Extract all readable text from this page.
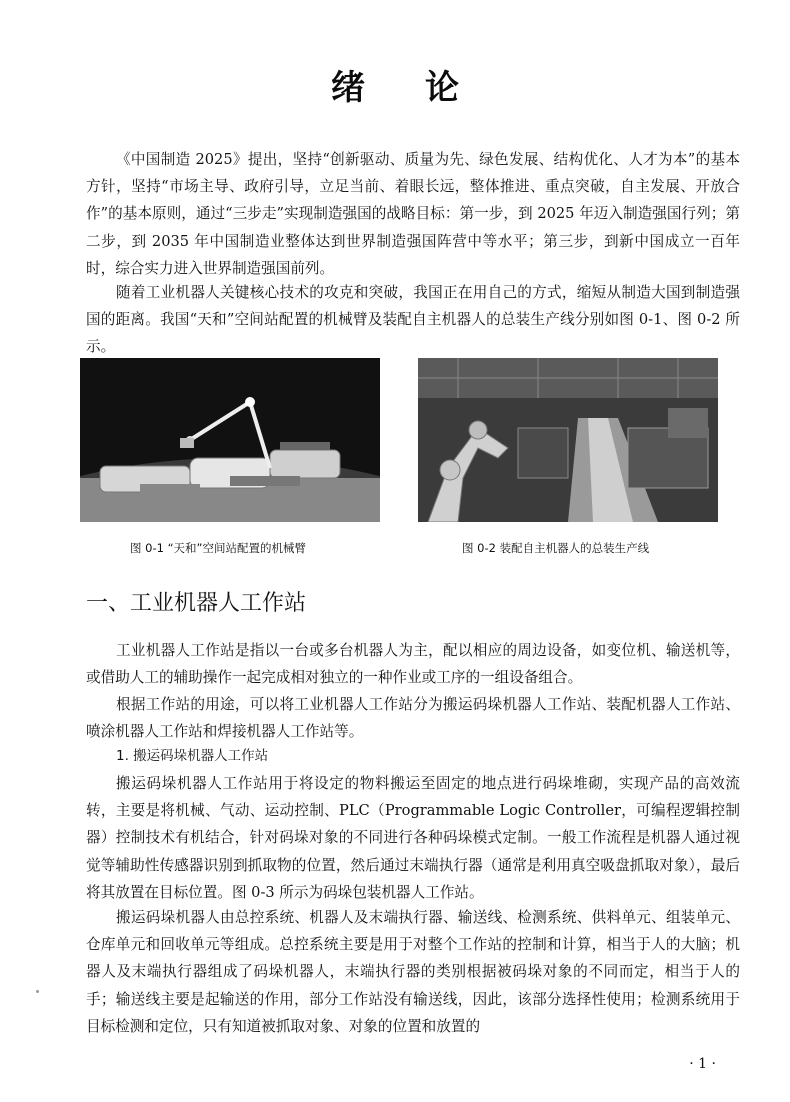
绪论

《中国制造 2025》提出，坚持“创新驱动、质量为先、绿色发展、结构优化、人才为本”的基本方针，坚持“市场主导、政府引导，立足当前、着眼长远，整体推进、重点突破，自主发展、开放合作”的基本原则，通过“三步走”实现制造强国的战略目标：第一步，到 2025 年迈入制造强国行列；第二步，到 2035 年中国制造业整体达到世界制造强国阵营中等水平；第三步，到新中国成立一百年时，综合实力进入世界制造强国前列。

随着工业机器人关键核心技术的攻克和突破，我国正在用自己的方式，缩短从制造大国到制造强国的距离。我国“天和”空间站配置的机械臂及装配自主机器人的总装生产线分别如图 0-1、图 0-2 所示。

图 0-1 “天和”空间站配置的机械臂	图 0-2 装配自主机器人的总装生产线
一、工业机器人工作站

工业机器人工作站是指以一台或多台机器人为主，配以相应的周边设备，如变位机、输送机等，或借助人工的辅助操作一起完成相对独立的一种作业或工序的一组设备组合。

根据工作站的用途，可以将工业机器人工作站分为搬运码垛机器人工作站、装配机器人工作站、喷涂机器人工作站和焊接机器人工作站等。

1. 搬运码垛机器人工作站

搬运码垛机器人工作站用于将设定的物料搬运至固定的地点进行码垛堆砌，实现产品的高效流转，主要是将机械、气动、运动控制、PLC（Programmable Logic Controller，可编程逻辑控制器）控制技术有机结合，针对码垛对象的不同进行各种码垛模式定制。一般工作流程是机器人通过视觉等辅助性传感器识别到抓取物的位置，然后通过末端执行器（通常是利用真空吸盘抓取对象），最后将其放置在目标位置。图 0-3 所示为码垛包装机器人工作站。

搬运码垛机器人由总控系统、机器人及末端执行器、输送线、检测系统、供料单元、组装单元、仓库单元和回收单元等组成。总控系统主要是用于对整个工作站的控制和计算，相当于人的大脑；机器人及末端执行器组成了码垛机器人，末端执行器的类别根据被码垛对象的不同而定，相当于人的手；输送线主要是起输送的作用，部分工作站没有输送线，因此，该部分选择性使用；检测系统用于目标检测和定位，只有知道被抓取对象、对象的位置和放置的

· 1 ·
